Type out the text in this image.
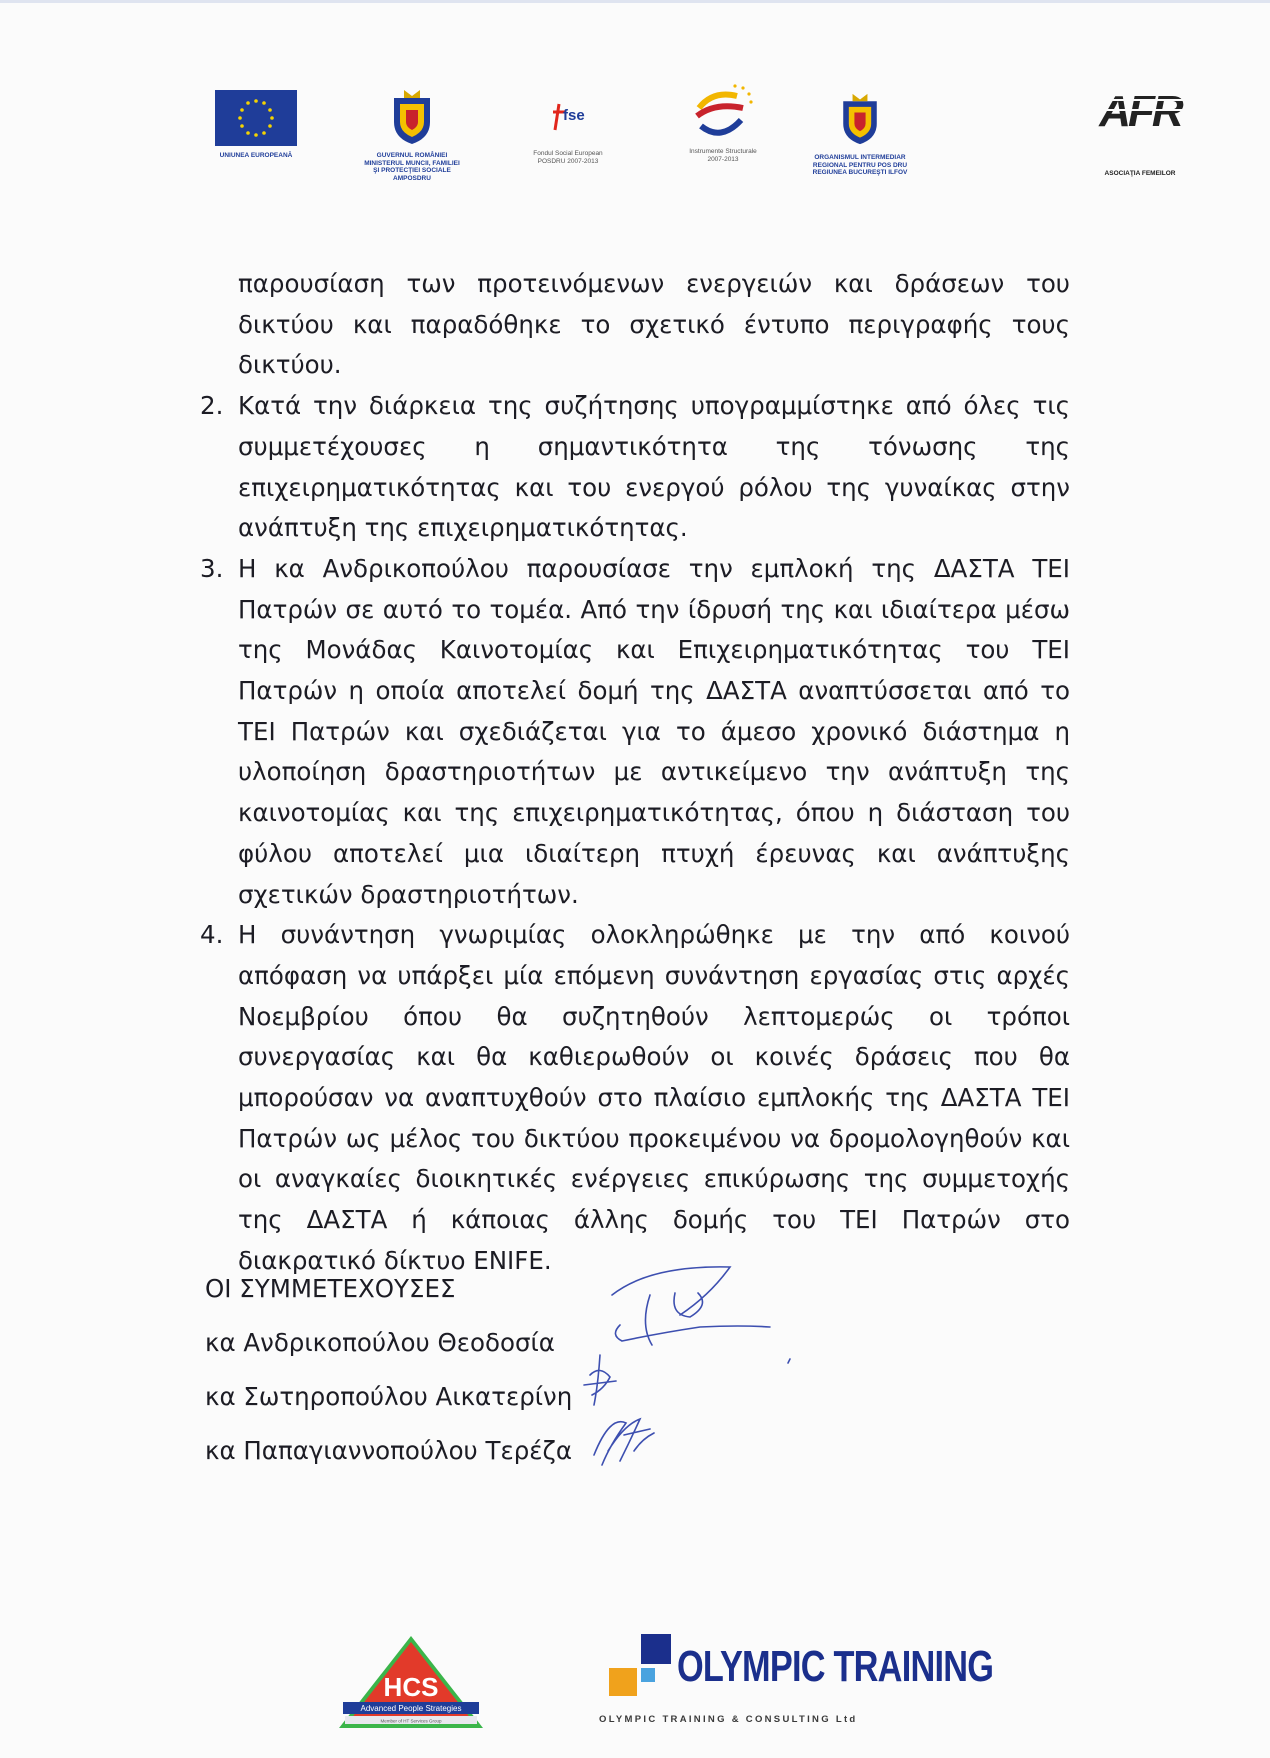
UNIUNEA EUROPEANĂ	GUVERNUL ROMÂNIEI
MINISTERUL MUNCII, FAMILIEI
ŞI PROTECŢIEI SOCIALE
AMPOSDRU
fse
Fondul Social European
POSDRU 2007-2013
Instrumente Structurale
2007-2013	ORGANISMUL INTERMEDIAR
REGIONAL PENTRU POS DRU
REGIUNEA BUCUREŞTI ILFOV
AFR
ASOCIAŢIA FEMEILOR

παρουσίαση των προτεινόμενων ενεργειών και δράσεων του δικτύου και παραδόθηκε το σχετικό έντυπο περιγραφής τους δικτύου.

2. Κατά την διάρκεια της συζήτησης υπογραμμίστηκε από όλες τις συμμετέχουσες η σημαντικότητα της τόνωσης της επιχειρηματικότητας και του ενεργού ρόλου της γυναίκας στην ανάπτυξη της επιχειρηματικότητας.

3. Η κα Ανδρικοπούλου παρουσίασε την εμπλοκή της ΔΑΣΤΑ ΤΕΙ Πατρών σε αυτό το τομέα. Από την ίδρυσή της και ιδιαίτερα μέσω της Μονάδας Καινοτομίας και Επιχειρηματικότητας του ΤΕΙ Πατρών η οποία αποτελεί δομή της ΔΑΣΤΑ αναπτύσσεται από το ΤΕΙ Πατρών και σχεδιάζεται για το άμεσο χρονικό διάστημα η υλοποίηση δραστηριοτήτων με αντικείμενο την ανάπτυξη της καινοτομίας και της επιχειρηματικότητας, όπου η διάσταση του φύλου αποτελεί μια ιδιαίτερη πτυχή έρευνας και ανάπτυξης σχετικών δραστηριοτήτων.

4. Η συνάντηση γνωριμίας ολοκληρώθηκε με την από κοινού απόφαση να υπάρξει μία επόμενη συνάντηση εργασίας στις αρχές Νοεμβρίου όπου θα συζητηθούν λεπτομερώς οι τρόποι συνεργασίας και θα καθιερωθούν οι κοινές δράσεις που θα μπορούσαν να αναπτυχθούν στο πλαίσιο εμπλοκής της ΔΑΣΤΑ ΤΕΙ Πατρών ως μέλος του δικτύου προκειμένου να δρομολογηθούν και οι αναγκαίες διοικητικές ενέργειες επικύρωσης της συμμετοχής της ΔΑΣΤΑ ή κάποιας άλλης δομής του ΤΕΙ Πατρών στο διακρατικό δίκτυο ENIFE.

ΟΙ ΣΥΜΜΕΤΕΧΟΥΣΕΣ
κα Ανδρικοπούλου Θεοδοσία
κα Σωτηροπούλου Αικατερίνη
κα Παπαγιαννοπούλου Τερέζα
HCS
Advanced People Strategies
Member of HT Services Group
OLYMPIC TRAINING
OLYMPIC TRAINING & CONSULTING Ltd
